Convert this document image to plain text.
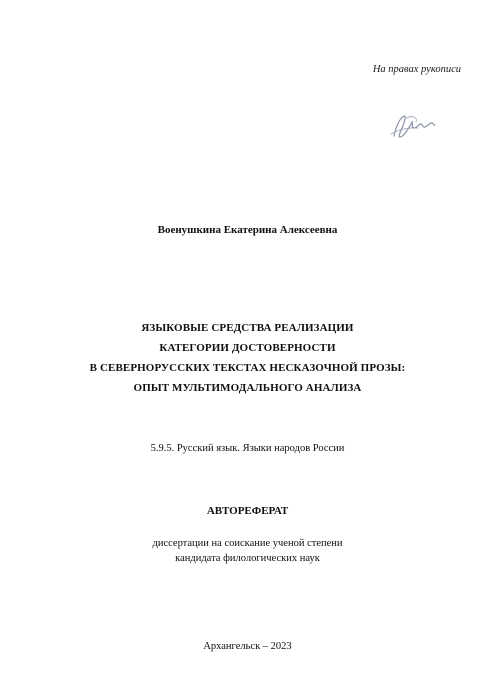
На правах рукописи
Военушкина Екатерина Алексеевна
ЯЗЫКОВЫЕ СРЕДСТВА РЕАЛИЗАЦИИ
КАТЕГОРИИ ДОСТОВЕРНОСТИ
В СЕВЕРНОРУССКИХ ТЕКСТАХ НЕСКАЗОЧНОЙ ПРОЗЫ:
ОПЫТ МУЛЬТИМОДАЛЬНОГО АНАЛИЗА
5.9.5. Русский язык. Языки народов России
АВТОРЕФЕРАТ
диссертации на соискание ученой степени
кандидата филологических наук
Архангельск – 2023
